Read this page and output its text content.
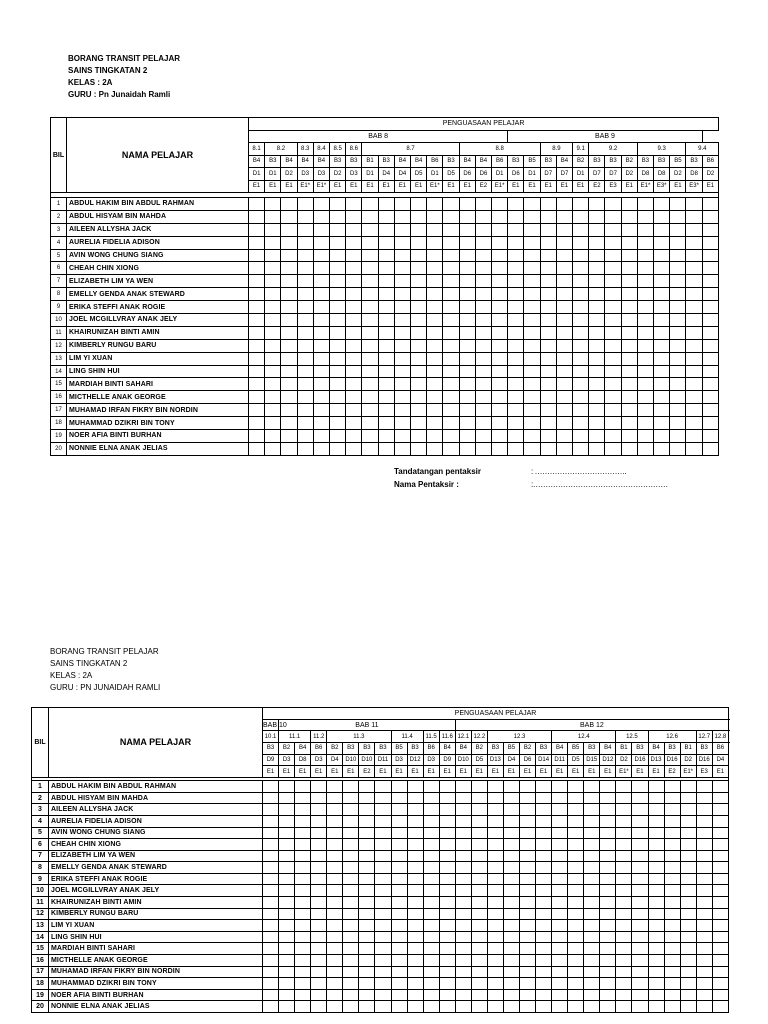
BORANG TRANSIT PELAJAR
SAINS TINGKATAN 2
KELAS : 2A
GURU : Pn Junaidah Ramli
BIL	NAMA PELAJAR	PENGUASAAN PELAJAR																													
		BAB 8																BAB 9													
		8.1	8.2		8.3	8.4	8.5	8.6	8.7						8.8					8.9		9.1	9.2			9.3			9.4		
		B4	B3	B4	B4	B4	B3	B3	B1	B3	B4	B4	B6	B3	B4	B4	B6	B3	B5	B3	B4	B2	B3	B3	B2	B3	B3	B5	B3	B6	
		D1	D1	D2	D3	D3	D2	D3	D1	D4	D4	D5	D1	D5	D6	D6	D1	D6	D1	D7	D7	D1	D7	D7	D2	D8	D8	D2	D8	D2	
		E1	E1	E1	E1*	E1*	E1	E1	E1	E1	E1	E1	E1*	E1	E1	E2	E1*	E1	E1	E1	E1	E1	E2	E3	E1	E1*	E3*	E1	E3*	E1	

1	ABDUL HAKIM BIN ABDUL RAHMAN																														
2	ABDUL HISYAM BIN MAHDA																														
3	AILEEN ALLYSHA JACK																														
4	AURELIA FIDELIA ADISON																														
5	AVIN WONG CHUNG SIANG																														
6	CHEAH CHIN XIONG																														
7	ELIZABETH LIM YA WEN																														
8	EMELLY GENDA ANAK STEWARD																														
9	ERIKA STEFFI ANAK ROGIE																														
10	JOEL MCGILLVRAY ANAK JELY																														
11	KHAIRUNIZAH BINTI AMIN																														
12	KIMBERLY RUNGU BARU																														
13	LIM YI XUAN																														
14	LING SHIN HUI																														
15	MARDIAH BINTI SAHARI																														
16	MICTHELLE ANAK GEORGE																														
17	MUHAMAD IRFAN FIKRY BIN NORDIN																														
18	MUHAMMAD DZIKRI BIN TONY																														
19	NOER AFIA BINTI BURHAN																														
20	NONNIE ELNA ANAK JELIAS																														
Tandatangan pentaksir	: ……………………………….
Nama Pentaksir :	:………………………………………………
BORANG TRANSIT PELAJAR
SAINS TINGKATAN 2
KELAS : 2A
GURU : PN JUNAIDAH RAMLI
BIL	NAMA PELAJAR	PENGUASAAN PELAJAR																												
		BAB 10	BAB 11											BAB 12																
		10.1	11.1		11.2	11.3				11.4		11.5	11.6	12.1	12.2	12.3				12.4				12.5		12.6			12.7	12.8
		B3	B2	B4	B6	B2	B3	B3	B3	B5	B3	B6	B4	B4	B2	B3	B5	B2	B3	B4	B5	B3	B4	B1	B3	B4	B3	B1	B3	B6
		D9	D3	D8	D3	D4	D10	D10	D11	D3	D12	D3	D9	D10	D5	D13	D4	D6	D14	D11	D5	D15	D12	D2	D16	D13	D16	D2	D16	D4
		E1	E1	E1	E1	E1	E1	E2	E1	E1	E1	E1	E1	E1	E1	E1	E1	E1	E1	E1	E1	E1	E1	E1*	E1	E1	E2	E1*	E3	E1

1	ABDUL HAKIM BIN ABDUL RAHMAN																													
2	ABDUL HISYAM BIN MAHDA																													
3	AILEEN ALLYSHA JACK																													
4	AURELIA FIDELIA ADISON																													
5	AVIN WONG CHUNG SIANG																													
6	CHEAH CHIN XIONG																													
7	ELIZABETH LIM YA WEN																													
8	EMELLY GENDA ANAK STEWARD																													
9	ERIKA STEFFI ANAK ROGIE																													
10	JOEL MCGILLVRAY ANAK JELY																													
11	KHAIRUNIZAH BINTI AMIN																													
12	KIMBERLY RUNGU BARU																													
13	LIM YI XUAN																													
14	LING SHIN HUI																													
15	MARDIAH BINTI SAHARI																													
16	MICTHELLE ANAK GEORGE																													
17	MUHAMAD IRFAN FIKRY BIN NORDIN																													
18	MUHAMMAD DZIKRI BIN TONY																													
19	NOER AFIA BINTI BURHAN																													
20	NONNIE ELNA ANAK JELIAS																													
